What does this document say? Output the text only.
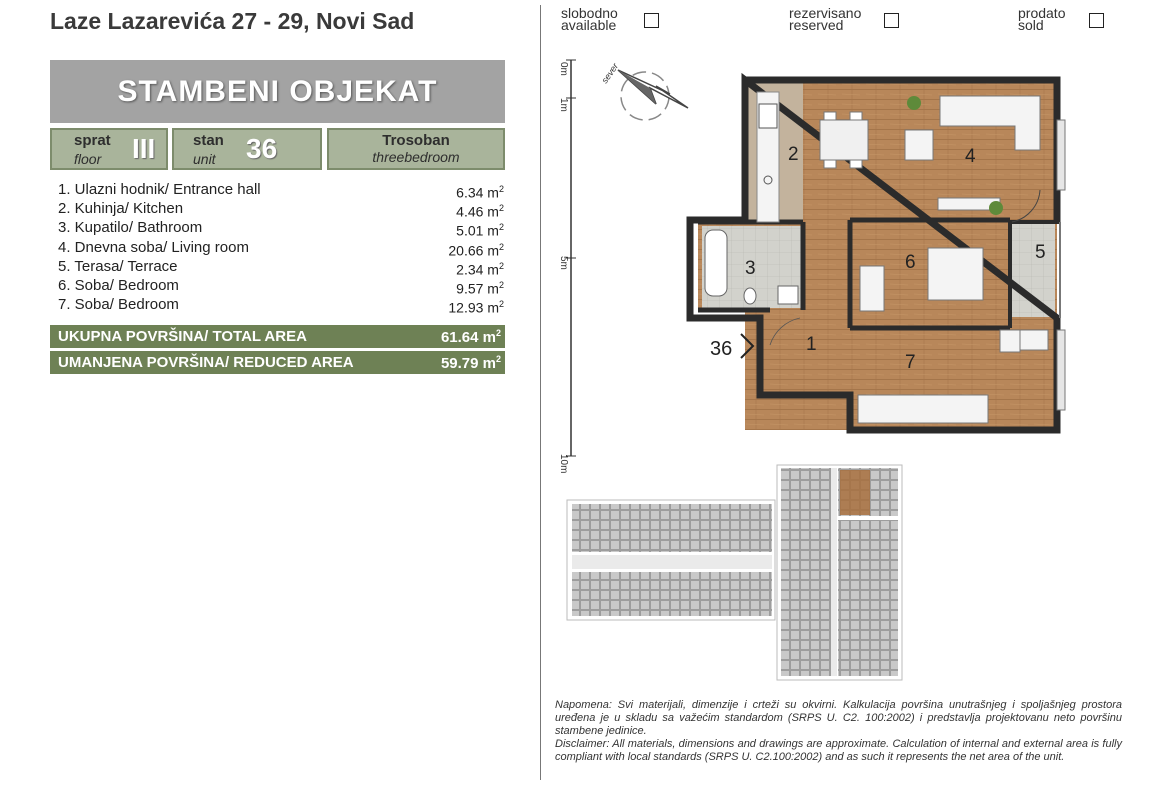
Laze Lazarevića 27 - 29, Novi Sad
STAMBENI OBJEKAT
sprat
floor III	stan
unit 36	Trosoban
threebedroom
1. Ulazni hodnik/ Entrance hall	6.34 $m^2$
2. Kuhinja/ Kitchen	4.46 $m^2$
3. Kupatilo/ Bathroom	5.01 $m^2$
4. Dnevna soba/ Living room	20.66 $m^2$
5. Terasa/ Terrace	2.34 $m^2$
6. Soba/ Bedroom	9.57 $m^2$
7. Soba/ Bedroom	12.93 $m^2$
UKUPNA POVRŠINA/ TOTAL AREA	61.64 $m^2$
UMANJENA POVRŠINA/ REDUCED AREA	59.79 $m^2$
slobodno
available
rezervisano
reserved
prodato
sold
0m
1m
5m
10m
sever
1
2
3
4
5
6
7
36
Napomena: Svi materijali, dimenzije i crteži su okvirni. Kalkulacija površina unutrašnjeg i spoljašnjeg prostora uređena je u skladu sa važećim standardom (SRPS U. C2. 100:2002) i predstavlja projektovanu neto površinu stambene jedinice.
Disclaimer: All materials, dimensions and drawings are approximate. Calculation of internal and external area is fully compliant with local standards (SRPS U. C2.100:2002) and as such it represents the net area of the unit.
